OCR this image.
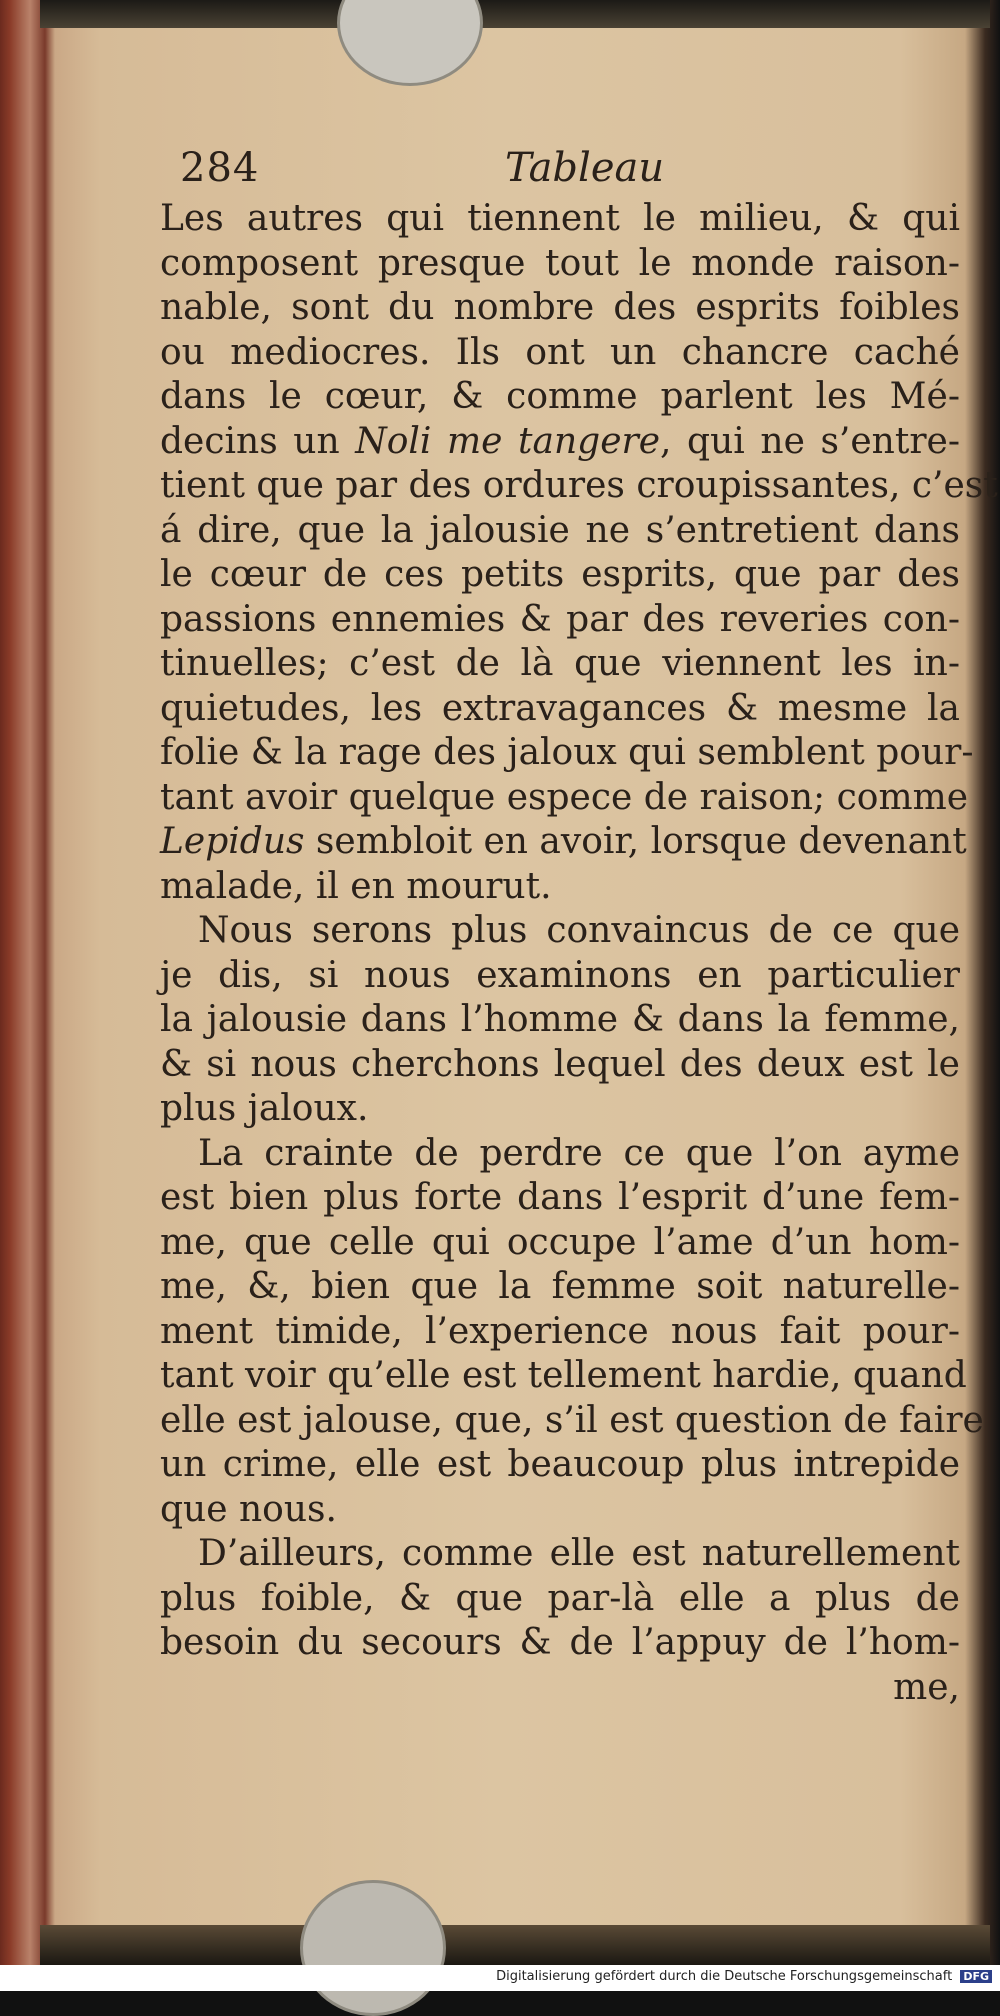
284	Tableau
Les autres qui tiennent le milieu, & qui
composent presque tout le monde raison-
nable, sont du nombre des esprits foibles
ou mediocres. Ils ont un chancre caché
dans le cœur, & comme parlent les Mé-
decins un Noli me tangere, qui ne s’entre-
tient que par des ordures croupissantes, c’est
á dire, que la jalousie ne s’entretient dans
le cœur de ces petits esprits, que par des
passions ennemies & par des reveries con-
tinuelles; c’est de là que viennent les in-
quietudes, les extravagances & mesme la
folie & la rage des jaloux qui semblent pour-
tant avoir quelque espece de raison; comme
Lepidus sembloit en avoir, lorsque devenant
malade, il en mourut.
Nous serons plus convaincus de ce que
je dis, si nous examinons en particulier
la jalousie dans l’homme & dans la femme,
& si nous cherchons lequel des deux est le
plus jaloux.
La crainte de perdre ce que l’on ayme
est bien plus forte dans l’esprit d’une fem-
me, que celle qui occupe l’ame d’un hom-
me, &, bien que la femme soit naturelle-
ment timide, l’experience nous fait pour-
tant voir qu’elle est tellement hardie, quand
elle est jalouse, que, s’il est question de faire
un crime, elle est beaucoup plus intrepide
que nous.
D’ailleurs, comme elle est naturellement
plus foible, & que par-là elle a plus de
besoin du secours & de l’appuy de l’hom-
me,
Digitalisierung gefördert durch die Deutsche Forschungsgemeinschaft DFG
